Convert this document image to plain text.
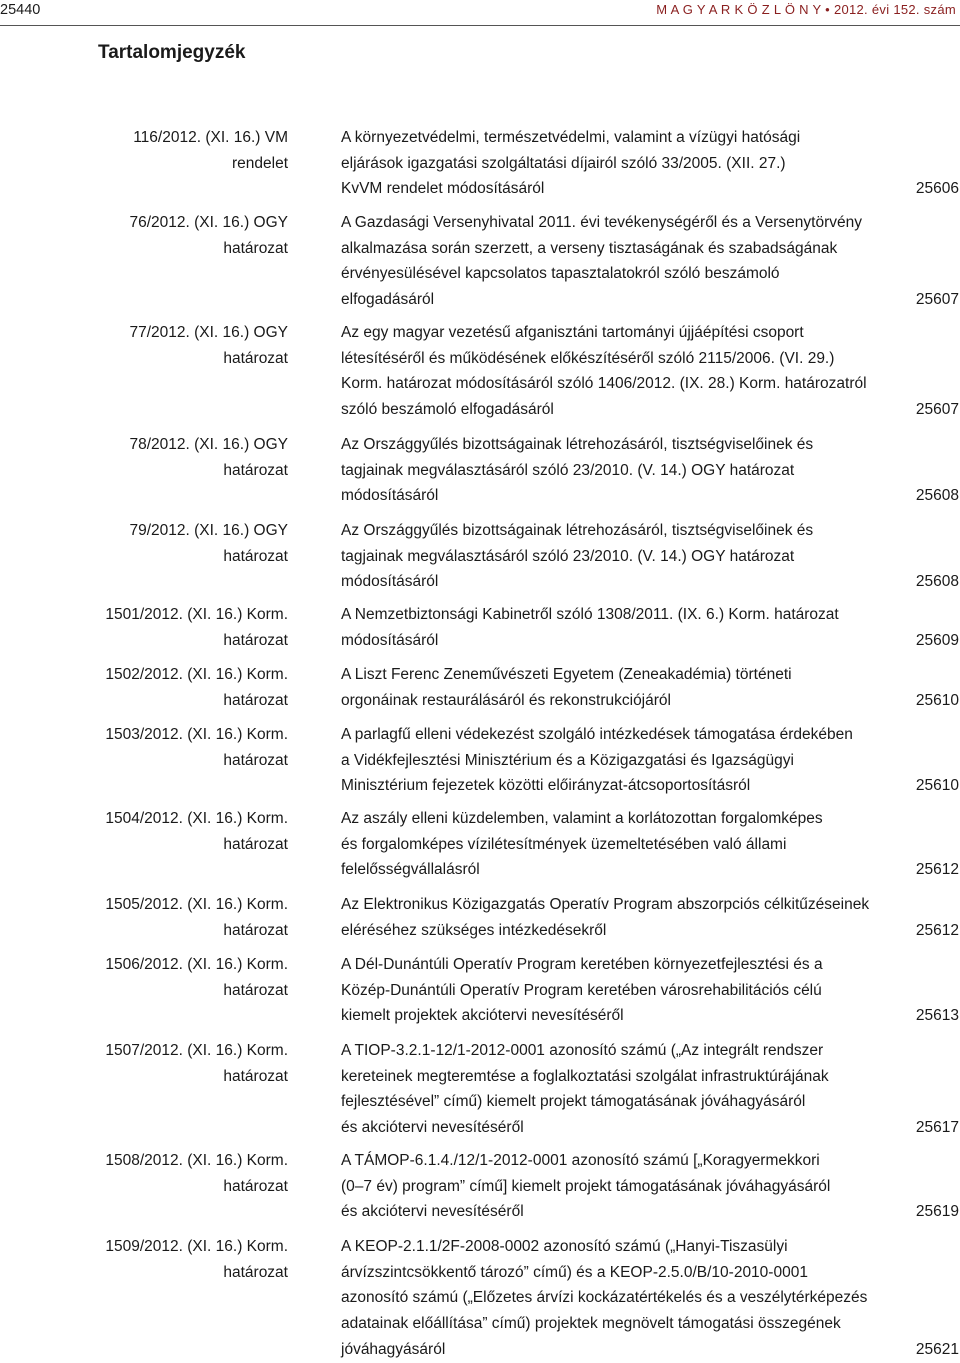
25440	M A G Y A R K Ö Z L Ö N Y • 2012. évi 152. szám
Tartalomjegyzék
116/2012. (XI. 16.) VM
rendelet
A környezetvédelmi, természetvédelmi, valamint a vízügyi hatósági
eljárások igazgatási szolgáltatási díjairól szóló 33/2005. (XII. 27.)
KvVM rendelet módosításáról	25606
76/2012. (XI. 16.) OGY
határozat
A Gazdasági Versenyhivatal 2011. évi tevékenységéről és a Versenytörvény
alkalmazása során szerzett, a verseny tisztaságának és szabadságának
érvényesülésével kapcsolatos tapasztalatokról szóló beszámoló
elfogadásáról	25607
77/2012. (XI. 16.) OGY
határozat
Az egy magyar vezetésű afganisztáni tartományi újjáépítési csoport
létesítéséről és működésének előkészítéséről szóló 2115/2006. (VI. 29.)
Korm. határozat módosításáról szóló 1406/2012. (IX. 28.) Korm. határozatról
szóló beszámoló elfogadásáról	25607
78/2012. (XI. 16.) OGY
határozat
Az Országgyűlés bizottságainak létrehozásáról, tisztségviselőinek és
tagjainak megválasztásáról szóló 23/2010. (V. 14.) OGY határozat
módosításáról	25608
79/2012. (XI. 16.) OGY
határozat
Az Országgyűlés bizottságainak létrehozásáról, tisztségviselőinek és
tagjainak megválasztásáról szóló 23/2010. (V. 14.) OGY határozat
módosításáról	25608
1501/2012. (XI. 16.) Korm.
határozat
A Nemzetbiztonsági Kabinetről szóló 1308/2011. (IX. 6.) Korm. határozat
módosításáról	25609
1502/2012. (XI. 16.) Korm.
határozat
A Liszt Ferenc Zeneművészeti Egyetem (Zeneakadémia) történeti
orgonáinak restaurálásáról és rekonstrukciójáról	25610
1503/2012. (XI. 16.) Korm.
határozat
A parlagfű elleni védekezést szolgáló intézkedések támogatása érdekében
a Vidékfejlesztési Minisztérium és a Közigazgatási és Igazságügyi
Minisztérium fejezetek közötti előirányzat-átcsoportosításról	25610
1504/2012. (XI. 16.) Korm.
határozat
Az aszály elleni küzdelemben, valamint a korlátozottan forgalomképes
és forgalomképes vízilétesítmények üzemeltetésében való állami
felelősségvállalásról	25612
1505/2012. (XI. 16.) Korm.
határozat
Az Elektronikus Közigazgatás Operatív Program abszorpciós célkitűzéseinek
eléréséhez szükséges intézkedésekről	25612
1506/2012. (XI. 16.) Korm.
határozat
A Dél-Dunántúli Operatív Program keretében környezetfejlesztési és a
Közép-Dunántúli Operatív Program keretében városrehabilitációs célú
kiemelt projektek akciótervi nevesítéséről	25613
1507/2012. (XI. 16.) Korm.
határozat
A TIOP-3.2.1-12/1-2012-0001 azonosító számú („Az integrált rendszer
kereteinek megteremtése a foglalkoztatási szolgálat infrastruktúrájának
fejlesztésével” című) kiemelt projekt támogatásának jóváhagyásáról
és akciótervi nevesítéséről	25617
1508/2012. (XI. 16.) Korm.
határozat
A TÁMOP-6.1.4./12/1-2012-0001 azonosító számú [„Koragyermekkori
(0–7 év) program” című] kiemelt projekt támogatásának jóváhagyásáról
és akciótervi nevesítéséről	25619
1509/2012. (XI. 16.) Korm.
határozat
A KEOP-2.1.1/2F-2008-0002 azonosító számú („Hanyi-Tiszasülyi
árvízszintcsökkentő tározó” című) és a KEOP-2.5.0/B/10-2010-0001
azonosító számú („Előzetes árvízi kockázatértékelés és a veszélytérképezés
adatainak előállítása” című) projektek megnövelt támogatási összegének
jóváhagyásáról	25621
